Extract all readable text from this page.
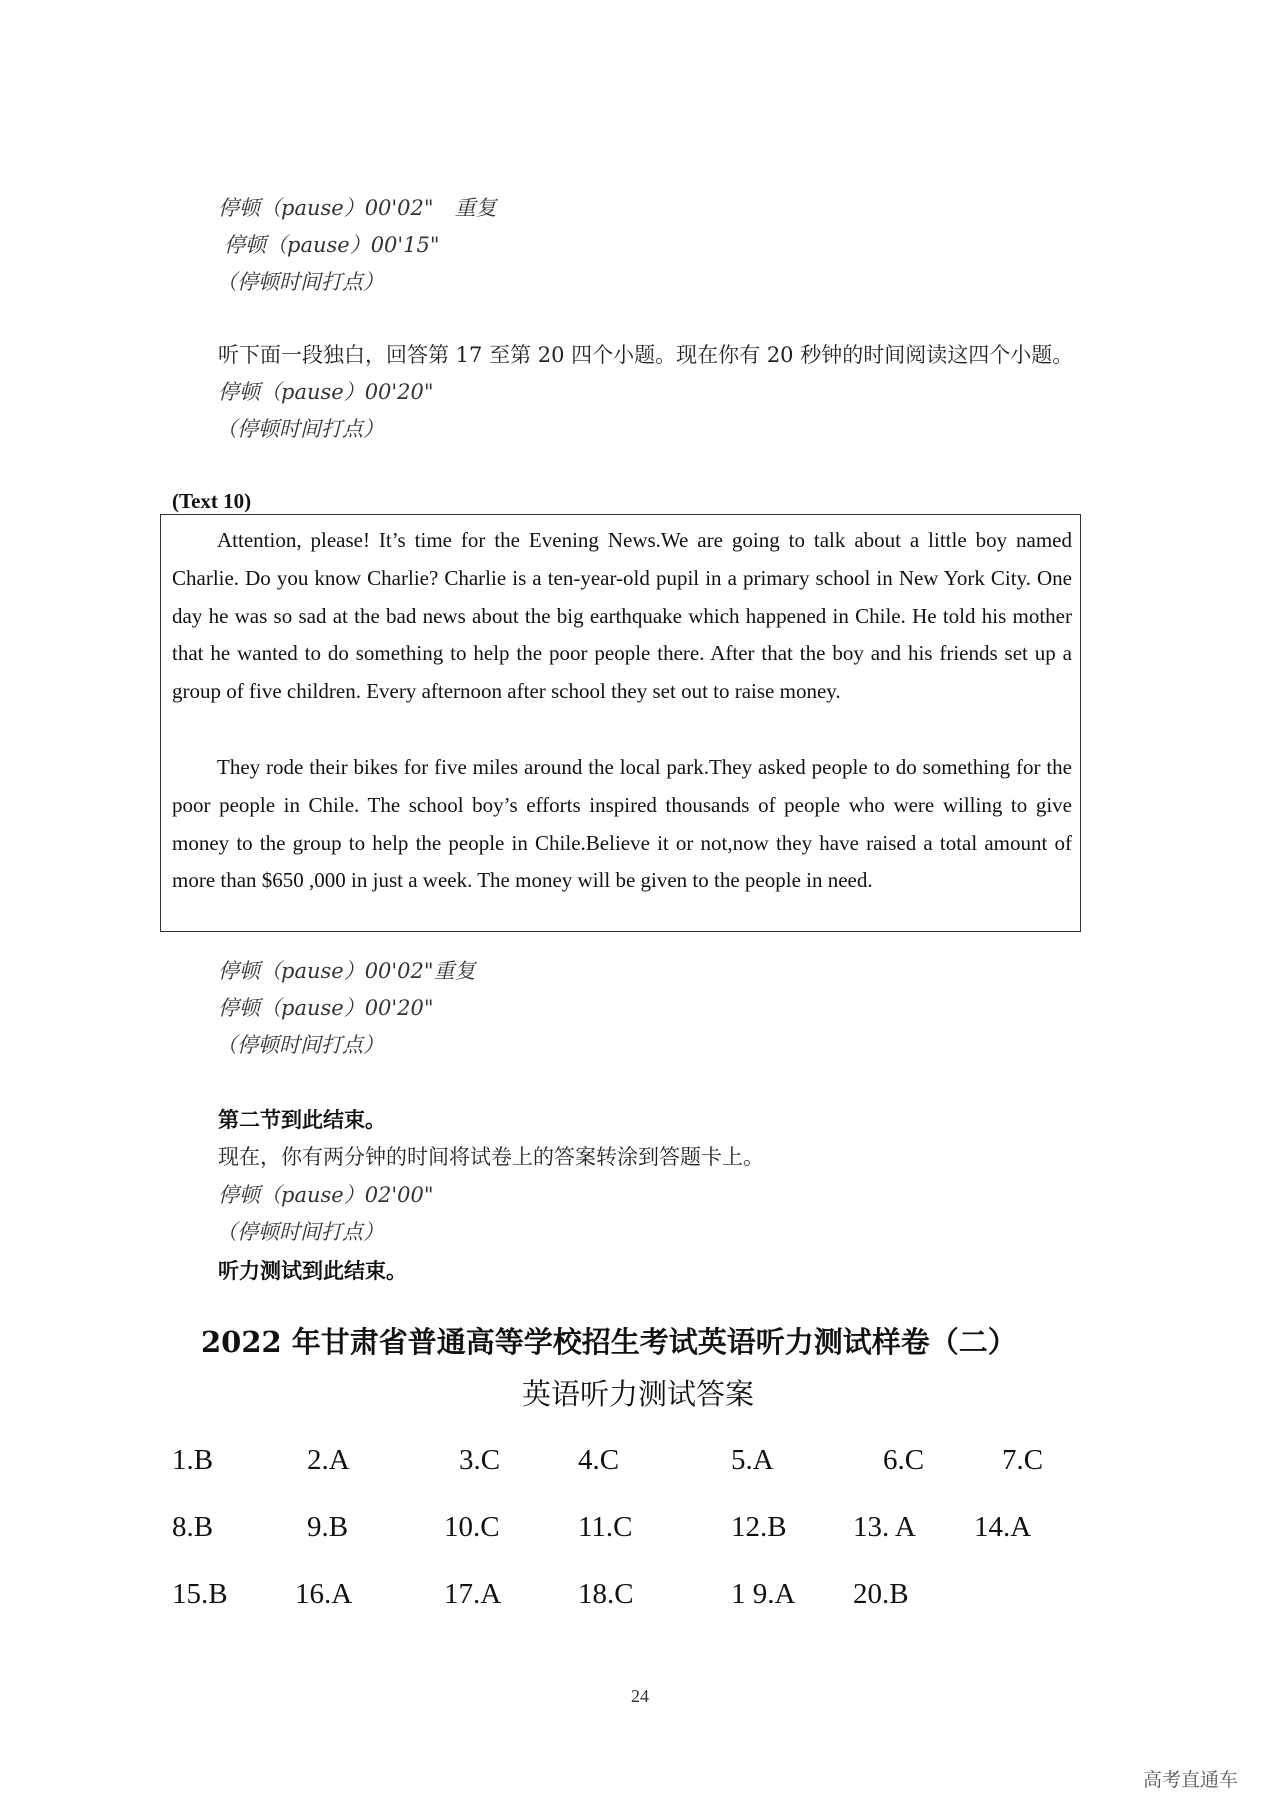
停顿（pause）00'02"　重复
停顿（pause）00'15"
（停顿时间打点）
听下面一段独白，回答第 17 至第 20 四个小题。现在你有 20 秒钟的时间阅读这四个小题。
停顿（pause）00'20"
（停顿时间打点）
(Text 10)

Attention, please! It’s time for the Evening News.We are going to talk about a little boy named Charlie. Do you know Charlie? Charlie is a ten-year-old pupil in a primary school in New York City. One day he was so sad at the bad news about the big earthquake which happened in Chile. He told his mother that he wanted to do something to help the poor people there. After that the boy and his friends set up a group of five children. Every afternoon after school they set out to raise money.

They rode their bikes for five miles around the local park.They asked people to do something for the poor people in Chile. The school boy’s efforts inspired thousands of people who were willing to give money to the group to help the people in Chile.Believe it or not,now they have raised a total amount of more than $650 ,000 in just a week. The money will be given to the people in need.

停顿（pause）00'02"重复
停顿（pause）00'20"
（停顿时间打点）
第二节到此结束。
现在，你有两分钟的时间将试卷上的答案转涂到答题卡上。
停顿（pause）02'00"
（停顿时间打点）
听力测试到此结束。
2022 年甘肃省普通高等学校招生考试英语听力测试样卷（二）
英语听力测试答案
1.B	2.A	3.C	4.C	5.A	6.C	7.C
8.B	9.B	10.C	11.C	12.B 13. A 14.A
15.B 16.A	17.A	18.C	1 9.A 20.B
24
高考直通车
